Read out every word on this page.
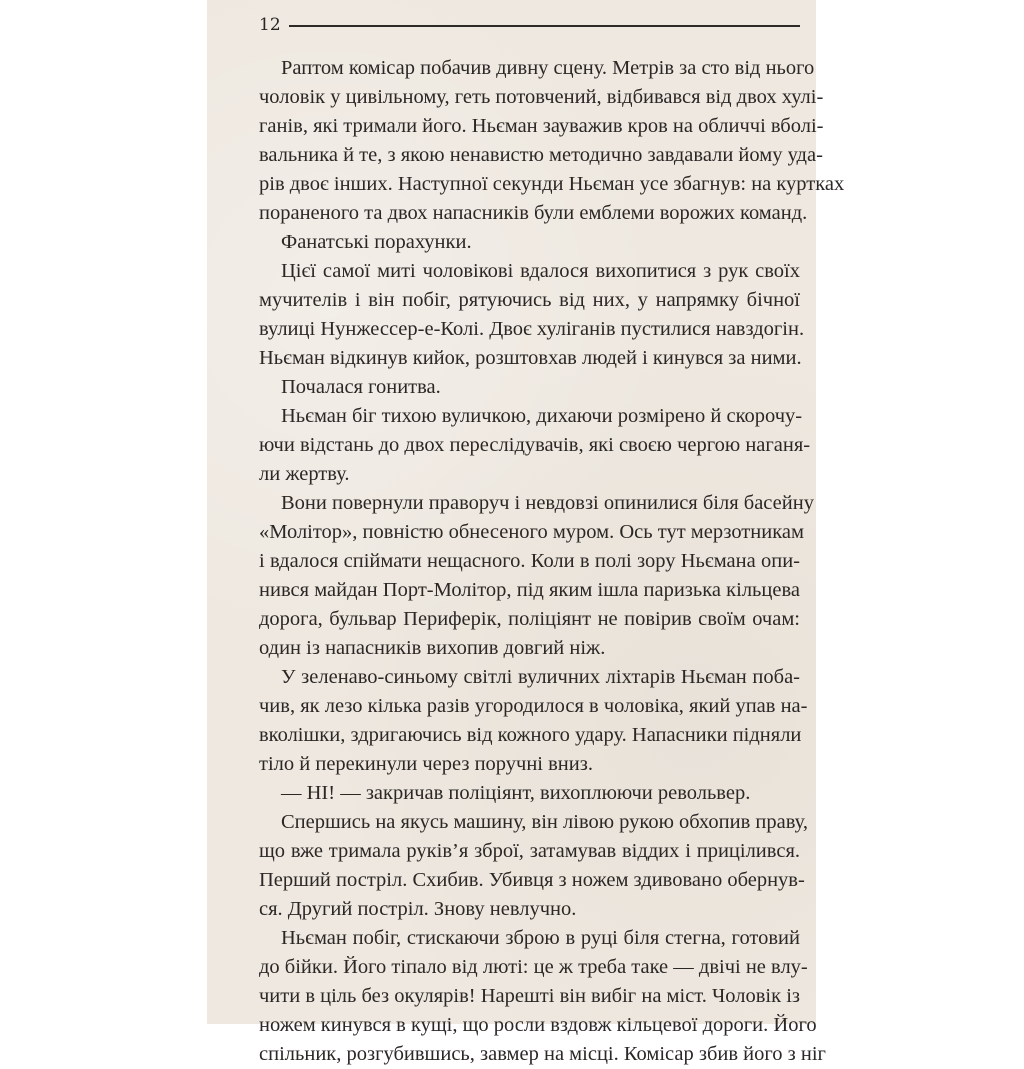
12
Раптом комісар побачив дивну сцену. Метрів за сто від нього
чоловік у цивільному, геть потовчений, відбивався від двох хулі-
ганів, які тримали його. Ньєман зауважив кров на обличчі вболі-
вальника й те, з якою ненавистю методично завдавали йому уда-
рів двоє інших. Наступної секунди Ньєман усе збагнув: на куртках
пораненого та двох напасників були емблеми ворожих команд.
Фанатські порахунки.
Цієї самої миті чоловікові вдалося вихопитися з рук своїх
мучителів і він побіг, рятуючись від них, у напрямку бічної
вулиці Нунжессер-е-Колі. Двоє хуліганів пустилися навздогін.
Ньєман відкинув кийок, розштовхав людей і кинувся за ними.
Почалася гонитва.
Ньєман біг тихою вуличкою, дихаючи розмірено й скорочу-
ючи відстань до двох переслідувачів, які своєю чергою наганя-
ли жертву.
Вони повернули праворуч і невдовзі опинилися біля басейну
«Молітор», повністю обнесеного муром. Ось тут мерзотникам
і вдалося спіймати нещасного. Коли в полі зору Ньємана опи-
нився майдан Порт-Молітор, під яким ішла паризька кільцева
дорога, бульвар Периферік, поліціянт не повірив своїм очам:
один із напасників вихопив довгий ніж.
У зеленаво-синьому світлі вуличних ліхтарів Ньєман поба-
чив, як лезо кілька разів угородилося в чоловіка, який упав на-
вколішки, здригаючись від кожного удару. Напасники підняли
тіло й перекинули через поручні вниз.
— НІ! — закричав поліціянт, вихоплюючи револьвер.
Спершись на якусь машину, він лівою рукою обхопив праву,
що вже тримала руків’я зброї, затамував віддих і прицілився.
Перший постріл. Схибив. Убивця з ножем здивовано обернув-
ся. Другий постріл. Знову невлучно.
Ньєман побіг, стискаючи зброю в руці біля стегна, готовий
до бійки. Його тіпало від люті: це ж треба таке — двічі не влу-
чити в ціль без окулярів! Нарешті він вибіг на міст. Чоловік із
ножем кинувся в кущі, що росли вздовж кільцевої дороги. Його
спільник, розгубившись, завмер на місці. Комісар збив його з ніг
